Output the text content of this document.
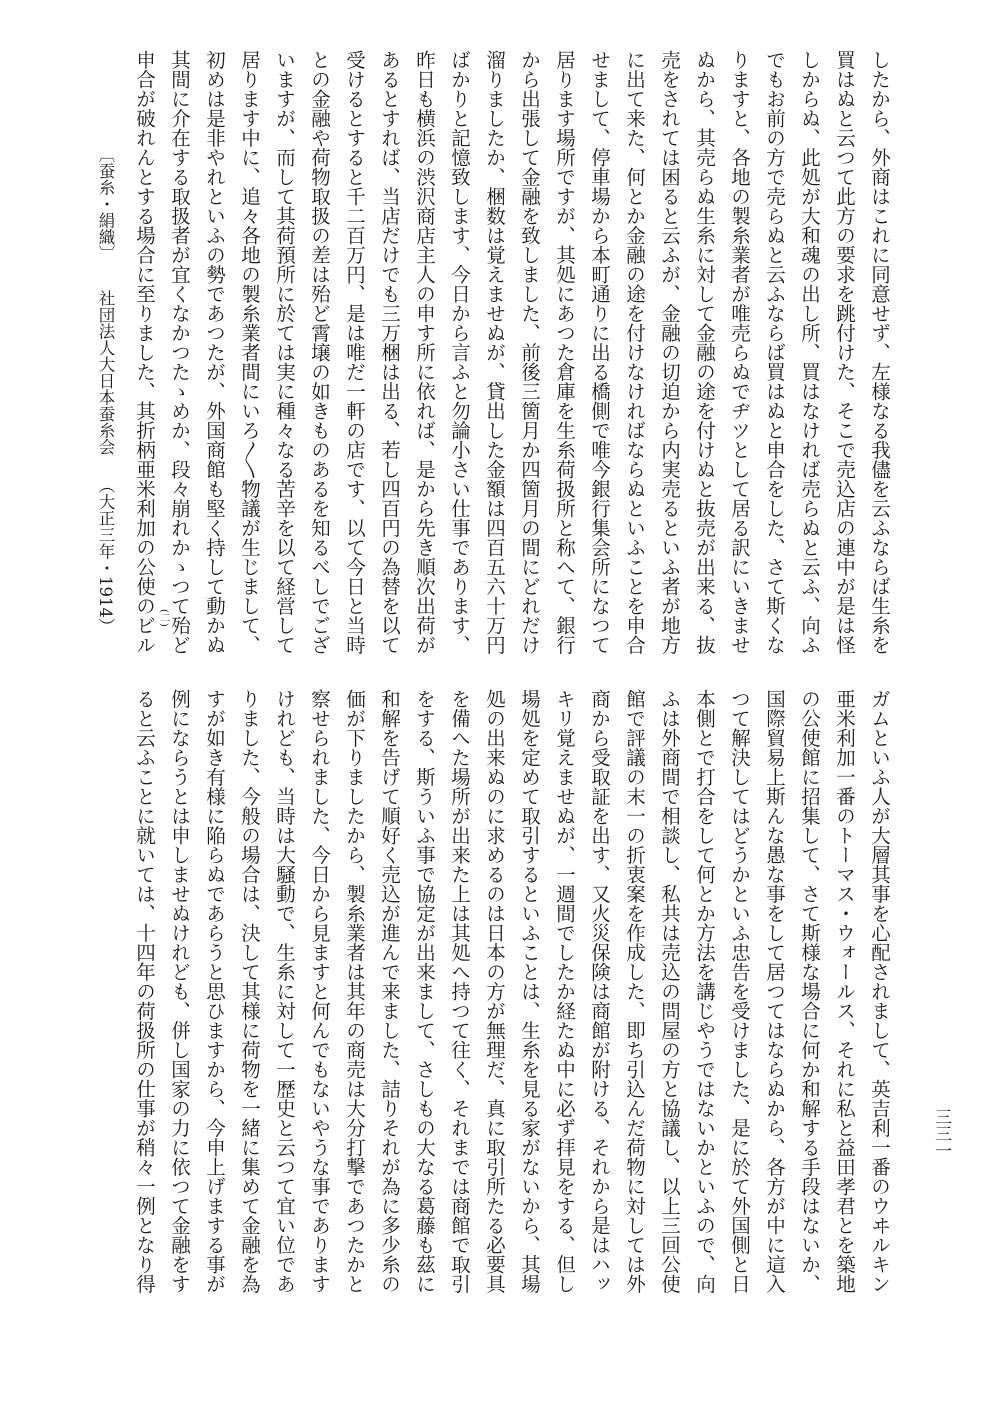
したから、外商はこれに同意せず、左様なる我儘を云ふならば生糸を
買はぬと云つて此方の要求を跳付けた、そこで売込店の連中が是は怪
しからぬ、此処が大和魂の出し所、買はなければ売らぬと云ふ、向ふ
でもお前の方で売らぬと云ふならば買はぬと申合をした、さて斯くな
りますと、各地の製糸業者が唯売らぬでヂツとして居る訳にいきませ
ぬから、其売らぬ生糸に対して金融の途を付けぬと抜売が出来る、抜
売をされては困ると云ふが、金融の切迫から内実売るといふ者が地方
に出て来た、何とか金融の途を付けなければならぬといふことを申合
せまして、停車場から本町通りに出る橋側で唯今銀行集会所になつて
居ります場所ですが、其処にあつた倉庫を生糸荷扱所と称へて、銀行
から出張して金融を致しました、前後三箇月か四箇月の間にどれだけ
溜りましたか、梱数は覚えませぬが、貸出した金額は四百五六十万円
ばかりと記憶致します、今日から言ふと勿論小さい仕事であります、
昨日も横浜の渋沢商店主人の申す所に依れば、是から先き順次出荷が
あるとすれば、当店だけでも三万梱は出る、若し四百円の為替を以て
受けるとすると千二百万円、是は唯だ一軒の店です、以て今日と当時
との金融や荷物取扱の差は殆ど霄壌の如きものあるを知るべしでござ
いますが、而して其荷預所に於ては実に種々なる苦辛を以て経営して
居ります中に、追々各地の製糸業者間にいろ〳〵物議が生じまして、
初めは是非やれといふの勢であつたが、外国商館も堅く持して動かぬ
其間に介在する取扱者が宜くなかつたゝめか、段々崩れかゝつて殆ど
申合が破れんとする場合に至りました、其折柄亜米利加の公使のビル (二)
ガムといふ人が大層其事を心配されまして、英吉利一番のウヰルキン
亜米利加一番のトーマス・ウォールス、それに私と益田孝君とを築地
の公使館に招集して、さて斯様な場合に何か和解する手段はないか、
国際貿易上斯んな愚な事をして居つてはならぬから、各方が中に這入
つて解決してはどうかといふ忠告を受けました、是に於て外国側と日
本側とで打合をして何とか方法を講じやうではないかといふので、向
ふは外商間で相談し、私共は売込の問屋の方と協議し、以上三回公使
館で評議の末一の折衷案を作成した、即ち引込んだ荷物に対しては外
商から受取証を出す、又火災保険は商館が附ける、それから是はハッ
キリ覚えませぬが、一週間でしたか経たぬ中に必ず拝見をする、但し
場処を定めて取引するといふことは、生糸を見る家がないから、其場
処の出来ぬのに求めるのは日本の方が無理だ、真に取引所たる必要具
を備へた場所が出来た上は其処へ持つて往く、それまでは商館で取引
をする、斯ういふ事で協定が出来まして、さしもの大なる葛藤も茲に
和解を告げて順好く売込が進んで来ました、詰りそれが為に多少糸の
価が下りましたから、製糸業者は其年の商売は大分打撃であつたかと
察せられました、今日から見ますと何んでもないやうな事であります
けれども、当時は大騒動で、生糸に対して一歴史と云つて宜い位であ
りました、今般の場合は、決して其様に荷物を一緒に集めて金融を為
すが如き有様に陥らぬであらうと思ひますから、今申上げまする事が
例にならうとは申しませぬけれども、併し国家の力に依つて金融をす
ると云ふことに就いては、十四年の荷扱所の仕事が稍々一例となり得
〔蚕糸・絹織〕
社団法人大日本蚕糸会
（大正三年・1914）
三三一
